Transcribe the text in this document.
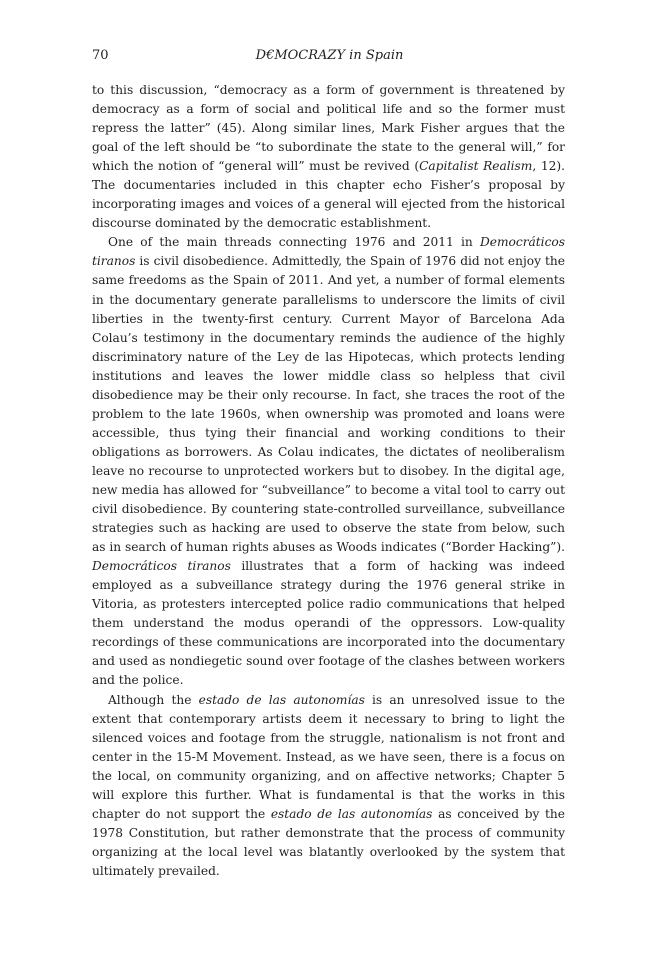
70	D€MOCRAZY in Spain

to this discussion, “democracy as a form of government is threatened by democracy as a form of social and political life and so the former must repress the latter” (45). Along similar lines, Mark Fisher argues that the goal of the left should be “to subordinate the state to the general will,” for which the notion of “general will” must be revived (Capitalist Realism, 12). The documentaries included in this chapter echo Fisher’s proposal by incorporating images and voices of a general will ejected from the historical discourse dominated by the democratic establishment.

One of the main threads connecting 1976 and 2011 in Democráticos tiranos is civil disobedience. Admittedly, the Spain of 1976 did not enjoy the same freedoms as the Spain of 2011. And yet, a number of formal elements in the documentary generate parallelisms to underscore the limits of civil liberties in the twenty-first century. Current Mayor of Barcelona Ada Colau’s testimony in the documentary reminds the audience of the highly discriminatory nature of the Ley de las Hipotecas, which protects lending institutions and leaves the lower middle class so helpless that civil disobedience may be their only recourse. In fact, she traces the root of the problem to the late 1960s, when ownership was promoted and loans were accessible, thus tying their financial and working conditions to their obligations as borrowers. As Colau indicates, the dictates of neoliberalism leave no recourse to unprotected workers but to disobey. In the digital age, new media has allowed for “subveillance” to become a vital tool to carry out civil disobedience. By countering state-controlled surveillance, subveillance strategies such as hacking are used to observe the state from below, such as in search of human rights abuses as Woods indicates (“Border Hacking”). Democráticos tiranos illustrates that a form of hacking was indeed employed as a subveillance strategy during the 1976 general strike in Vitoria, as protesters intercepted police radio communications that helped them understand the modus operandi of the oppressors. Low-quality recordings of these communications are incorporated into the documentary and used as nondiegetic sound over footage of the clashes between workers and the police.

Although the estado de las autonomías is an unresolved issue to the extent that contemporary artists deem it necessary to bring to light the silenced voices and footage from the struggle, nationalism is not front and center in the 15-M Movement. Instead, as we have seen, there is a focus on the local, on community organizing, and on affective networks; Chapter 5 will explore this further. What is fundamental is that the works in this chapter do not support the estado de las autonomías as conceived by the 1978 Constitution, but rather demonstrate that the process of community organizing at the local level was blatantly overlooked by the system that ultimately prevailed.
